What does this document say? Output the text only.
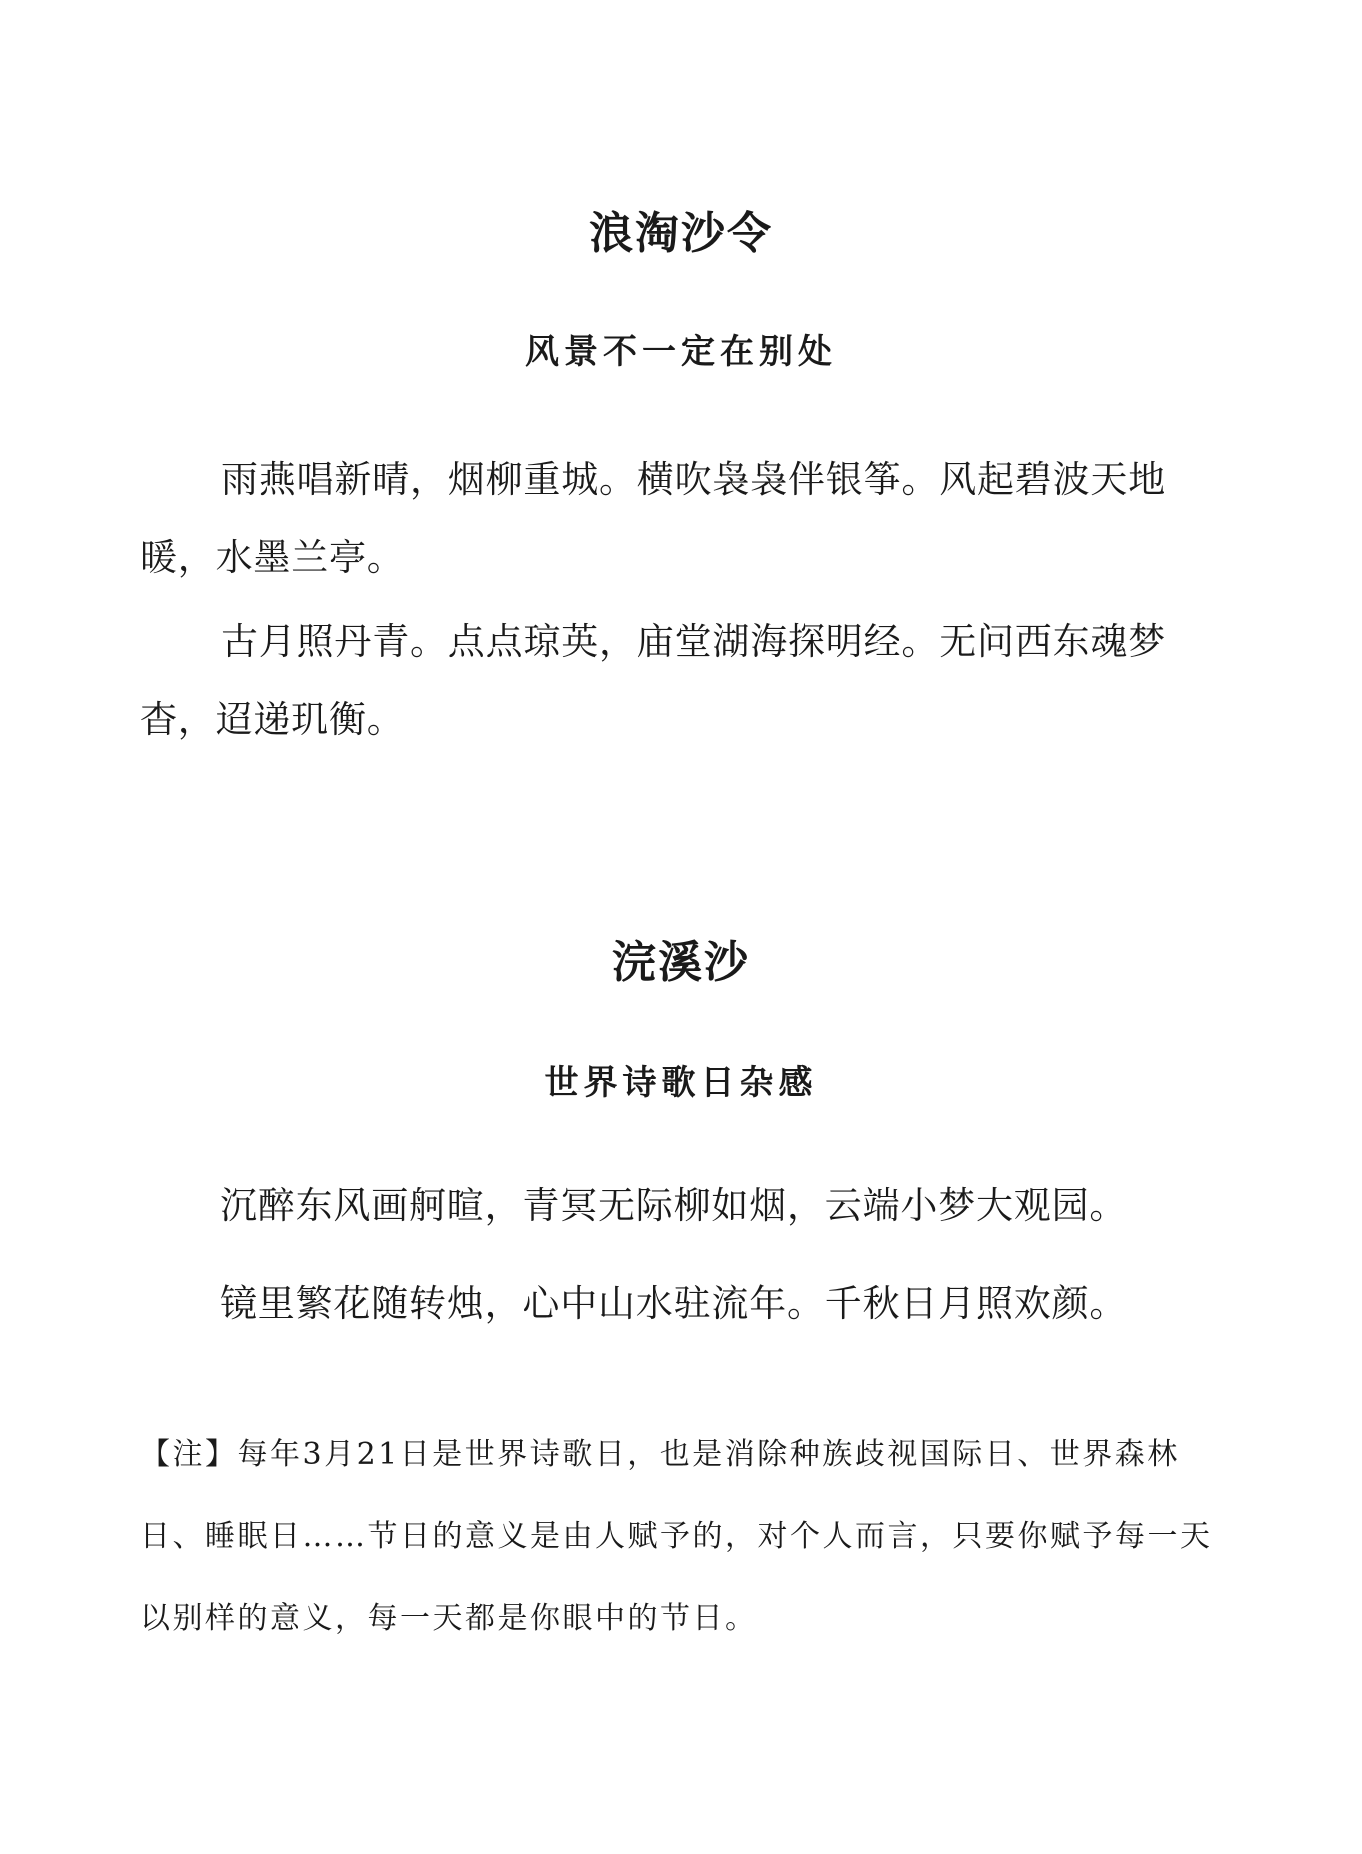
浪淘沙令
风景不一定在别处

雨燕唱新晴，烟柳重城。横吹袅袅伴银筝。风起碧波天地暖，水墨兰亭。

古月照丹青。点点琼英，庙堂湖海探明经。无问西东魂梦杳，迢递玑衡。

浣溪沙
世界诗歌日杂感

沉醉东风画舸暄，青冥无际柳如烟，云端小梦大观园。

镜里繁花随转烛，心中山水驻流年。千秋日月照欢颜。

【注】每年3月21日是世界诗歌日，也是消除种族歧视国际日、世界森林日、睡眠日……节日的意义是由人赋予的，对个人而言，只要你赋予每一天以别样的意义，每一天都是你眼中的节日。
